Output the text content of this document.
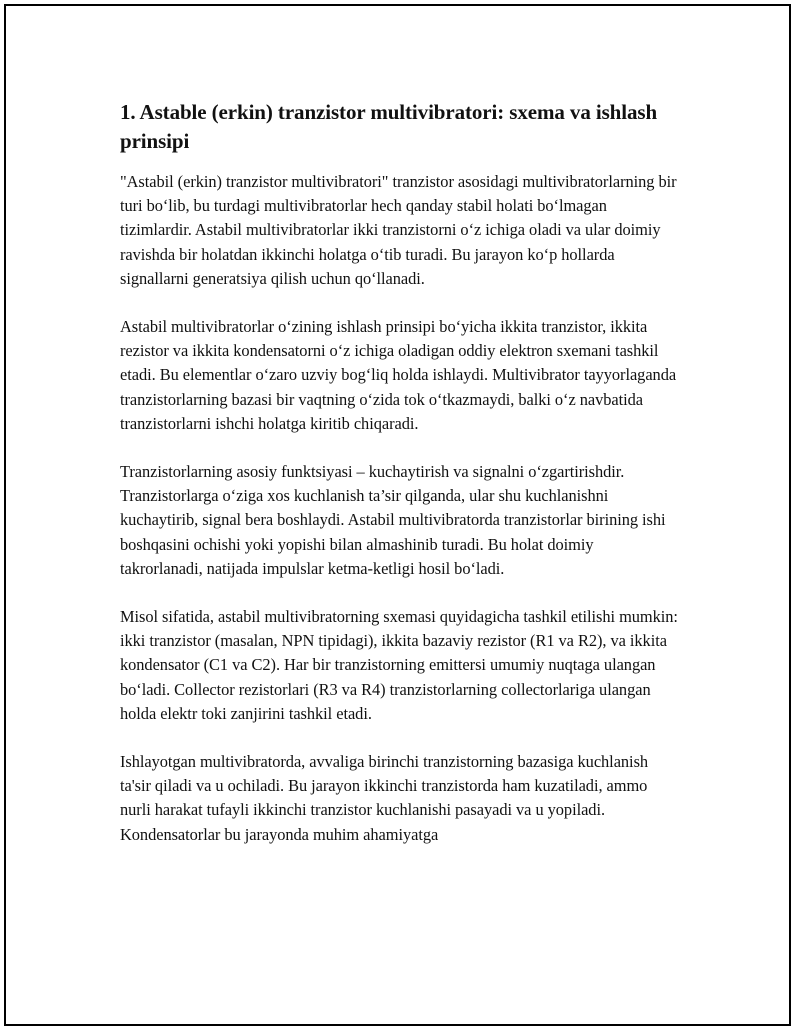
1. Astable (erkin) tranzistor multivibratori: sxema va ishlash prinsipi

"Astabil (erkin) tranzistor multivibratori" tranzistor asosidagi multivibratorlarning bir turi bo‘lib, bu turdagi multivibratorlar hech qanday stabil holati bo‘lmagan tizimlardir. Astabil multivibratorlar ikki tranzistorni o‘z ichiga oladi va ular doimiy ravishda bir holatdan ikkinchi holatga o‘tib turadi. Bu jarayon ko‘p hollarda signallarni generatsiya qilish uchun qo‘llanadi.

Astabil multivibratorlar o‘zining ishlash prinsipi bo‘yicha ikkita tranzistor, ikkita rezistor va ikkita kondensatorni o‘z ichiga oladigan oddiy elektron sxemani tashkil etadi. Bu elementlar o‘zaro uzviy bog‘liq holda ishlaydi. Multivibrator tayyorlaganda tranzistorlarning bazasi bir vaqtning o‘zida tok o‘tkazmaydi, balki o‘z navbatida tranzistorlarni ishchi holatga kiritib chiqaradi.

Tranzistorlarning asosiy funktsiyasi – kuchaytirish va signalni o‘zgartirishdir. Tranzistorlarga o‘ziga xos kuchlanish ta’sir qilganda, ular shu kuchlanishni kuchaytirib, signal bera boshlaydi. Astabil multivibratorda tranzistorlar birining ishi boshqasini ochishi yoki yopishi bilan almashinib turadi. Bu holat doimiy takrorlanadi, natijada impulslar ketma-ketligi hosil bo‘ladi.

Misol sifatida, astabil multivibratorning sxemasi quyidagicha tashkil etilishi mumkin: ikki tranzistor (masalan, NPN tipidagi), ikkita bazaviy rezistor (R1 va R2), va ikkita kondensator (C1 va C2). Har bir tranzistorning emittersi umumiy nuqtaga ulangan bo‘ladi. Collector rezistorlari (R3 va R4) tranzistorlarning collectorlariga ulangan holda elektr toki zanjirini tashkil etadi.

Ishlayotgan multivibratorda, avvaliga birinchi tranzistorning bazasiga kuchlanish ta'sir qiladi va u ochiladi. Bu jarayon ikkinchi tranzistorda ham kuzatiladi, ammo nurli harakat tufayli ikkinchi tranzistor kuchlanishi pasayadi va u yopiladi. Kondensatorlar bu jarayonda muhim ahamiyatga
